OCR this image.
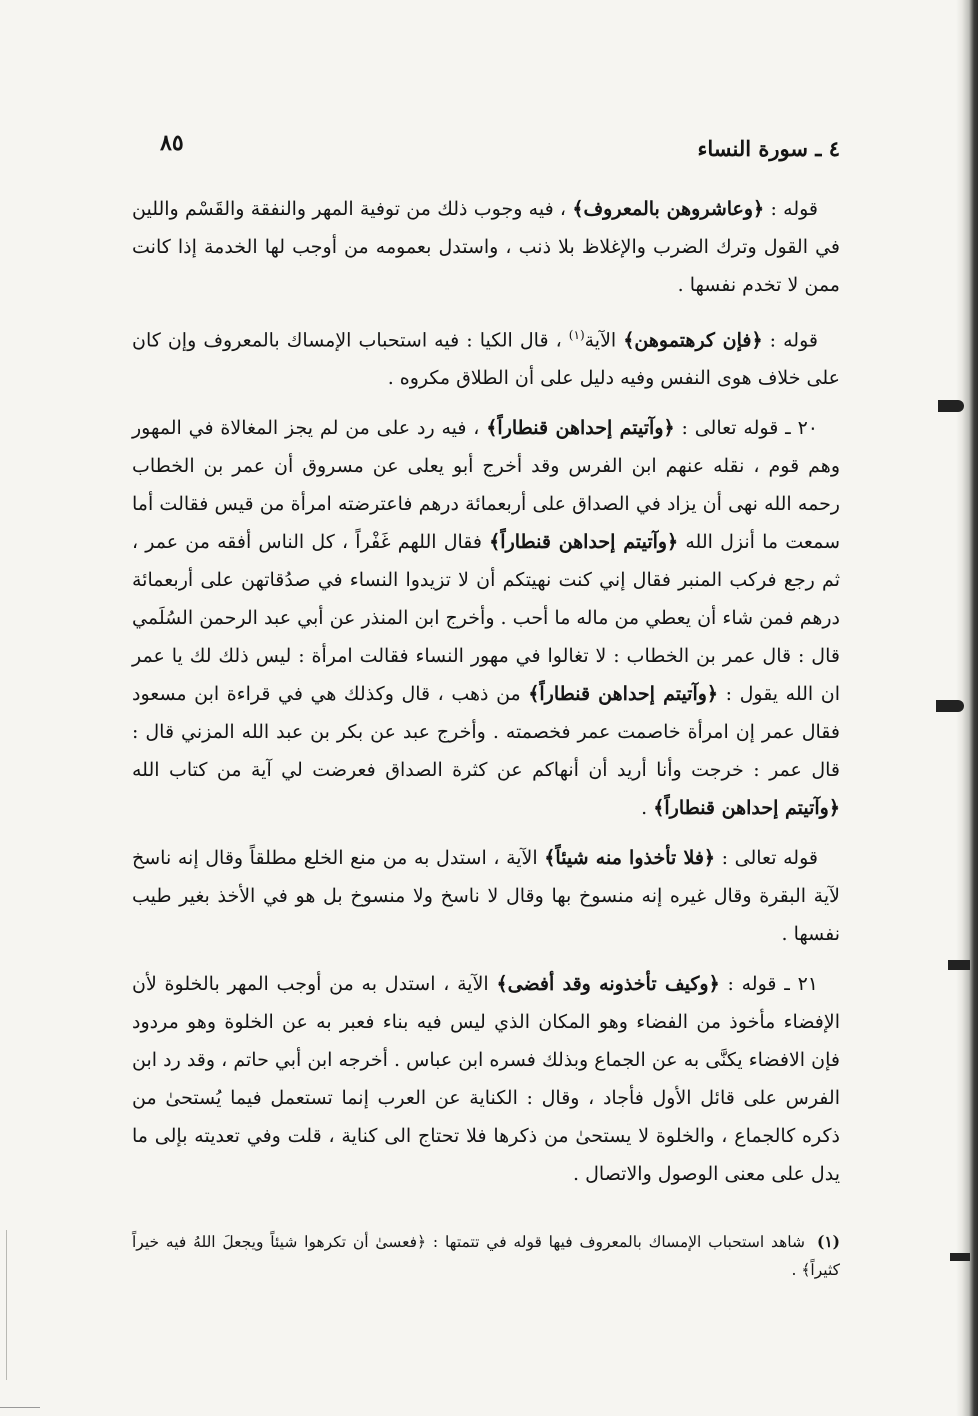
٤ ـ سورة النساء
٨٥

قوله : ﴿وعاشروهن بالمعروف﴾ ، فيه وجوب ذلك من توفية المهر والنفقة والقَسْم واللين في القول وترك الضرب والإغلاظ بلا ذنب ، واستدل بعمومه من أوجب لها الخدمة إذا كانت ممن لا تخدم نفسها .

قوله : ﴿فإن كرهتموهن﴾ الآية$^{(١)}$ ، قال الكيا : فيه استحباب الإمساك بالمعروف وإن كان على خلاف هوى النفس وفيه دليل على أن الطلاق مكروه .

٢٠ ـ قوله تعالى : ﴿وآتيتم إحداهن قنطاراً﴾ ، فيه رد على من لم يجز المغالاة في المهور وهم قوم ، نقله عنهم ابن الفرس وقد أخرج أبو يعلى عن مسروق أن عمر بن الخطاب رحمه الله نهى أن يزاد في الصداق على أربعمائة درهم فاعترضته امرأة من قيس فقالت أما سمعت ما أنزل الله ﴿وآتيتم إحداهن قنطاراً﴾ فقال اللهم غَفْراً ، كل الناس أفقه من عمر ، ثم رجع فركب المنبر فقال إني كنت نهيتكم أن لا تزيدوا النساء في صدُقاتهن على أربعمائة درهم فمن شاء أن يعطي من ماله ما أحب . وأخرج ابن المنذر عن أبي عبد الرحمن السُلَمي قال : قال عمر بن الخطاب : لا تغالوا في مهور النساء فقالت امرأة : ليس ذلك لك يا عمر ان الله يقول : ﴿وآتيتم إحداهن قنطاراً﴾ من ذهب ، قال وكذلك هي في قراءة ابن مسعود فقال عمر إن امرأة خاصمت عمر فخصمته . وأخرج عبد عن بكر بن عبد الله المزني قال : قال عمر : خرجت وأنا أريد أن أنهاكم عن كثرة الصداق فعرضت لي آية من كتاب الله ﴿وآتيتم إحداهن قنطاراً﴾ .

قوله تعالى : ﴿فلا تأخذوا منه شيئاً﴾ الآية ، استدل به من منع الخلع مطلقاً وقال إنه ناسخ لآية البقرة وقال غيره إنه منسوخ بها وقال لا ناسخ ولا منسوخ بل هو في الأخذ بغير طيب نفسها .

٢١ ـ قوله : ﴿وكيف تأخذونه وقد أفضى﴾ الآية ، استدل به من أوجب المهر بالخلوة لأن الإفضاء مأخوذ من الفضاء وهو المكان الذي ليس فيه بناء فعبر به عن الخلوة وهو مردود فإن الافضاء يكنَّى به عن الجماع وبذلك فسره ابن عباس . أخرجه ابن أبي حاتم ، وقد رد ابن الفرس على قائل الأول فأجاد ، وقال : الكناية عن العرب إنما تستعمل فيما يُستحىٰ من ذكره كالجماع ، والخلوة لا يستحىٰ من ذكرها فلا تحتاج الى كناية ، قلت وفي تعديته بإلى ما يدل على معنى الوصول والاتصال .

(١)شاهد استحباب الإمساك بالمعروف فيها قوله في تتمتها : ﴿فعسىٰ أن تكرهوا شيئاً ويجعلَ اللهُ فيه خيراً كثيراً﴾ .
